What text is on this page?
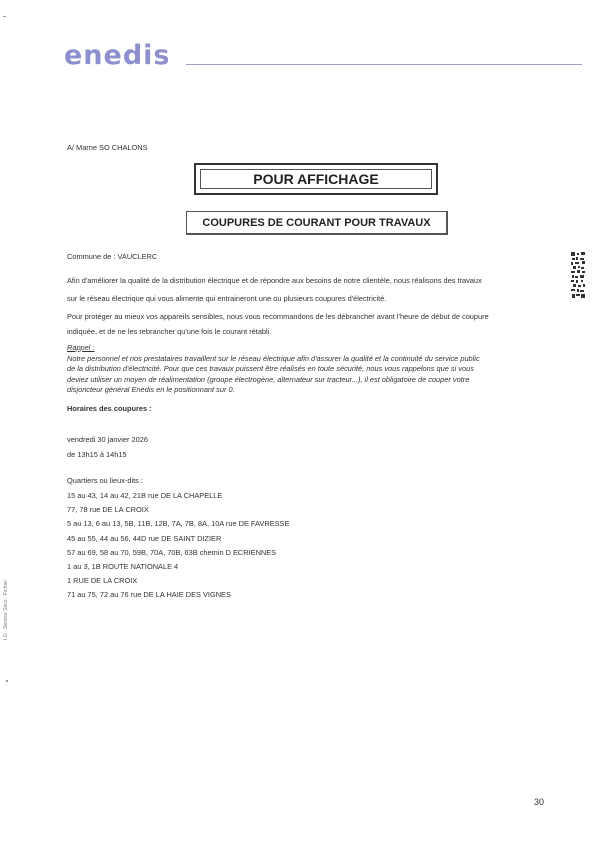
enedis
A/ Marne SO CHALONS
POUR AFFICHAGE
COUPURES DE COURANT POUR TRAVAUX
Commune de : VAUCLERC
Afin d'améliorer la qualité de la distribution électrique et de répondre aux besoins de notre clientèle, nous réalisons des travaux
sur le réseau électrique qui vous alimente qui entraineront une ou plusieurs coupures d'électricité.
Pour protéger au mieux vos appareils sensibles, nous vous recommandons de les débrancher avant l'heure de début de coupure
indiquée, et de ne les rebrancher qu'une fois le courant rétabli.
Rappel :
Notre personnel et nos prestataires travaillent sur le réseau électrique afin d'assurer la qualité et la continuité du service public
de la distribution d'électricité. Pour que ces travaux puissent être réalisés en toute sécurité, nous vous rappelons que si vous
deviez utiliser un moyen de réalimentation (groupe électrogène, alternateur sur tracteur...), il est obligatoire de couper votre
disjoncteur général Enedis en le positionnant sur 0.
Horaires des coupures :
vendredi 30 janvier 2026
de 13h15 à 14h15
Quartiers ou lieux-dits :
15 au 43, 14 au 42, 21B rue DE LA CHAPELLE
77, 78 rue DE LA CROIX
5 au 13, 6 au 13, 5B, 11B, 12B, 7A, 7B, 8A, 10A rue DE FAVRESSE
45 au 55, 44 au 56, 44D rue DE SAINT DIZIER
57 au 69, 58 au 70, 59B, 70A, 70B, 63B chemin D ECRIENNES
1 au 3, 1B ROUTE NATIONALE 4
1 RUE DE LA CROIX
71 au 75, 72 au 76 rue DE LA HAIE DES VIGNES
I.G · Service Sécu · Fichier
30
